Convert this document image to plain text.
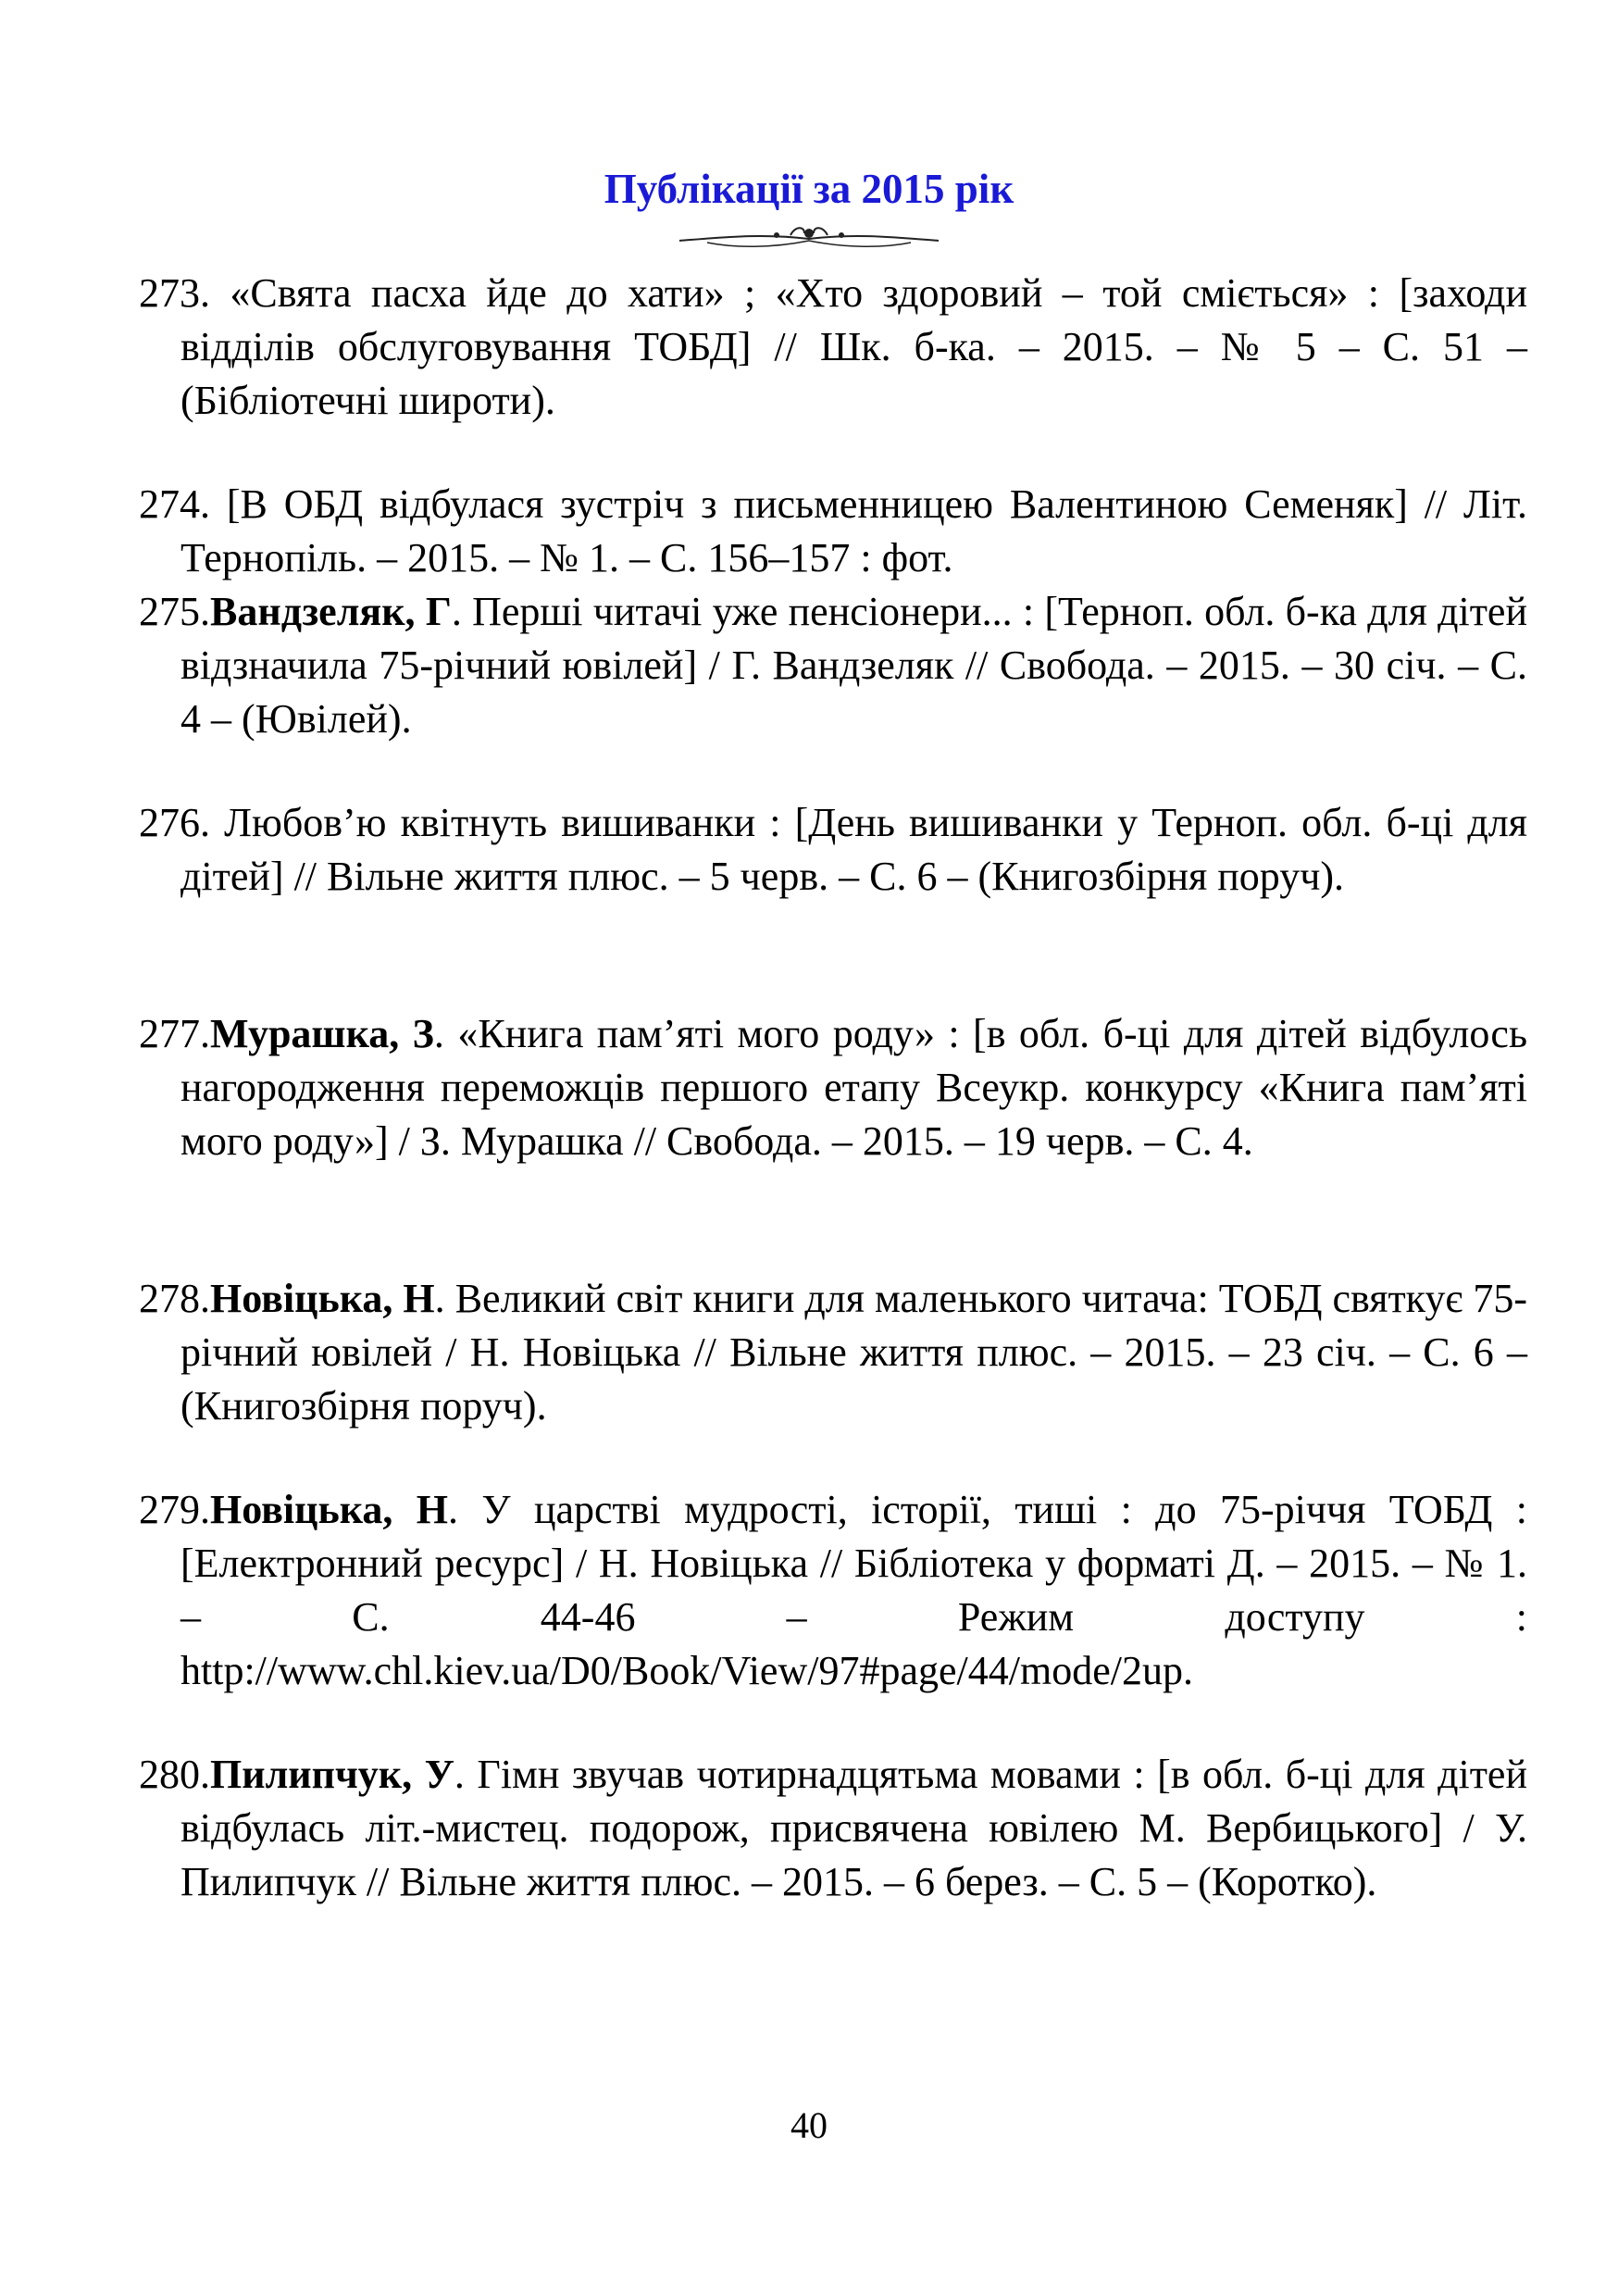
Публікації за 2015 рік

273. «Свята пасха йде до хати» ; «Хто здоровий – той сміється» : [заходи відділів обслуговування ТОБД] // Шк. б-ка. – 2015. – № 5 – С. 51 – (Бібліотечні широти).

274. [В ОБД відбулася зустріч з письменницею Валентиною Семеняк] // Літ. Тернопіль. – 2015. – № 1. – С. 156–157 : фот.

275.Вандзеляк, Г. Перші читачі уже пенсіонери... : [Терноп. обл. б-ка для дітей відзначила 75-річний ювілей] / Г. Вандзеляк // Свобода. – 2015. – 30 січ. – С. 4 – (Ювілей).

276. Любов’ю квітнуть вишиванки : [День вишиванки у Терноп. обл. б-ці для дітей] // Вільне життя плюс. – 5 черв. – С. 6 – (Книгозбірня поруч).

277.Мурашка, З. «Книга пам’яті мого роду» : [в обл. б-ці для дітей відбулось нагородження переможців першого етапу Всеукр. конкурсу «Книга пам’яті мого роду»] / З. Мурашка // Свобода. – 2015. – 19 черв. – С. 4.

278.Новіцька, Н. Великий світ книги для маленького читача: ТОБД святкує 75-річний ювілей / Н. Новіцька // Вільне життя плюс. – 2015. – 23 січ. – С. 6 – (Книгозбірня поруч).

279.Новіцька, Н. У царстві мудрості, історії, тиші : до 75-річчя ТОБД : [Електронний ресурс] / Н. Новіцька // Бібліотека у форматі Д. – 2015. – № 1. – С. 44-46 – Режим доступу : http://www.chl.kiev.ua/D0/Book/View/97#page/44/mode/2up.

280.Пилипчук, У. Гімн звучав чотирнадцятьма мовами : [в обл. б-ці для дітей відбулась літ.-мистец. подорож, присвячена ювілею М. Вербицького] / У. Пилипчук // Вільне життя плюс. – 2015. – 6 берез. – С. 5 – (Коротко).

40
